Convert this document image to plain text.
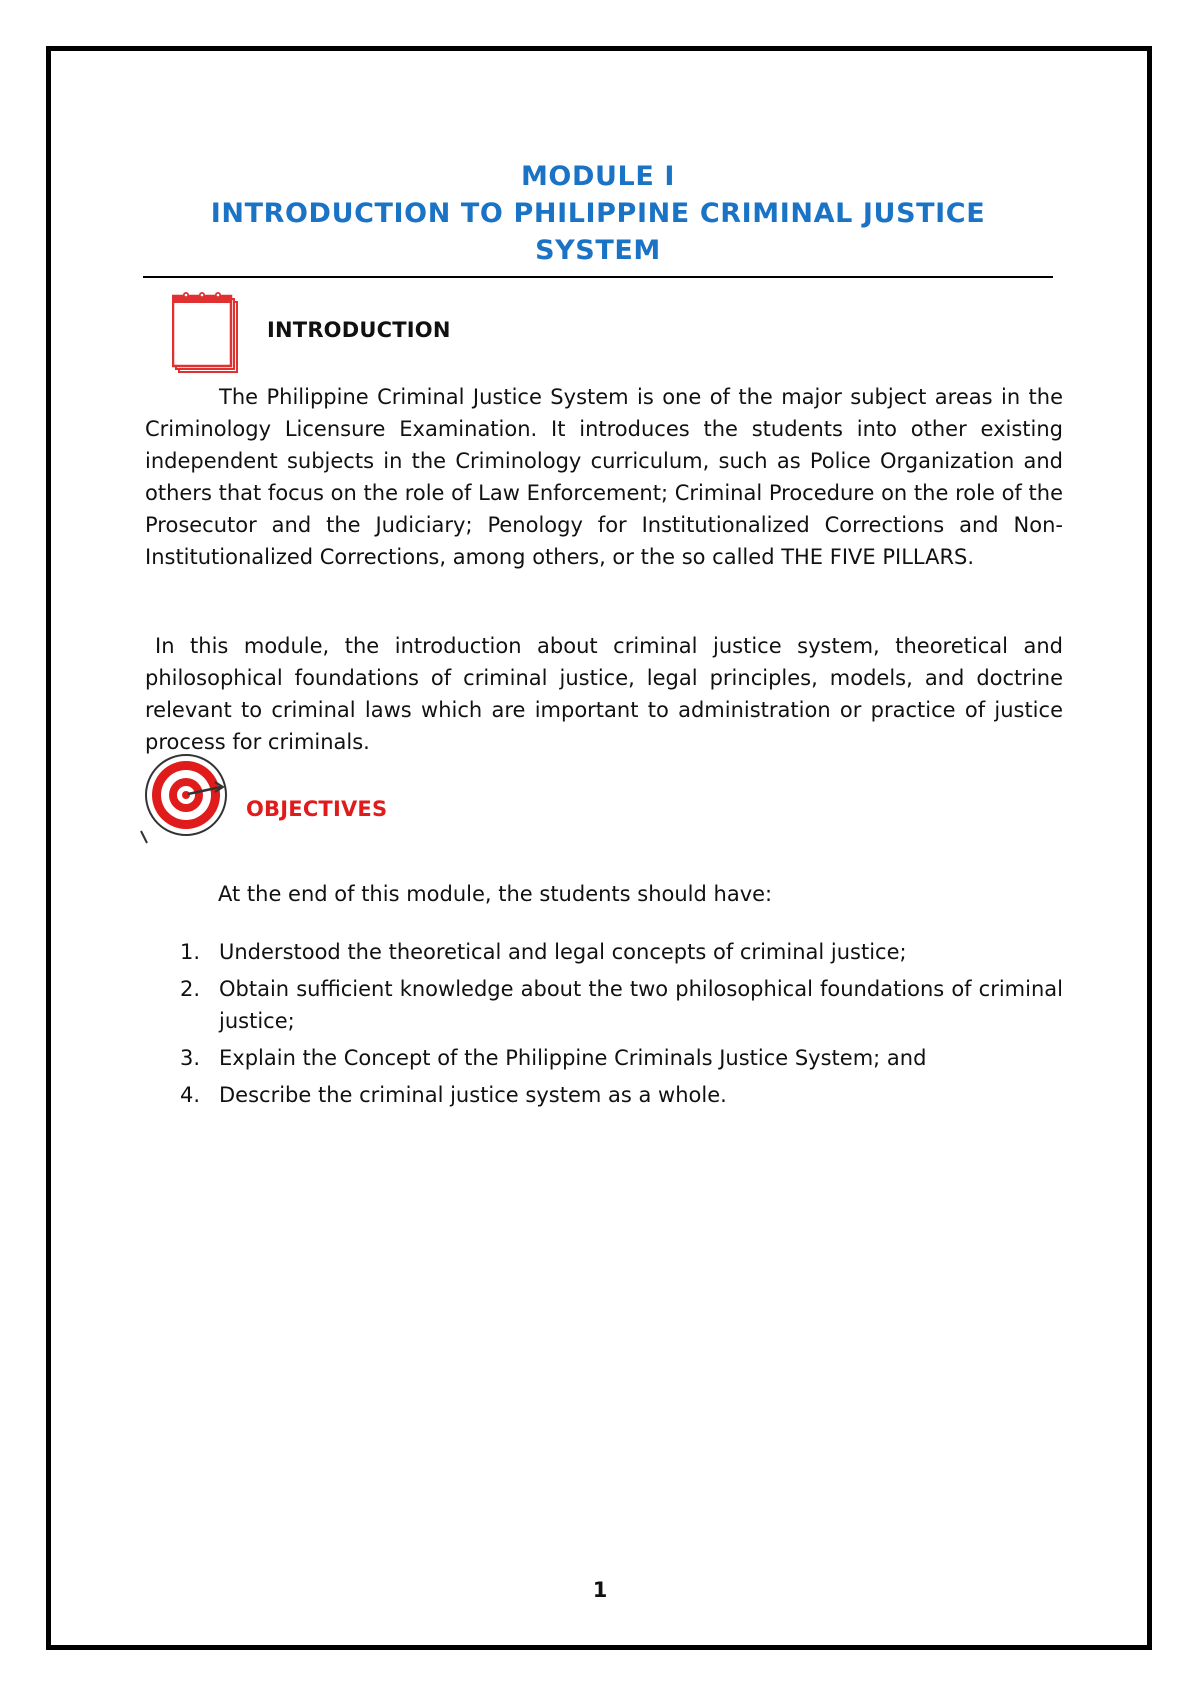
MODULE I
INTRODUCTION TO PHILIPPINE CRIMINAL JUSTICE
SYSTEM
INTRODUCTION

The Philippine Criminal Justice System is one of the major subject areas in the Criminology Licensure Examination. It introduces the students into other existing independent subjects in the Criminology curriculum, such as Police Organization and others that focus on the role of Law Enforcement; Criminal Procedure on the role of the Prosecutor and the Judiciary; Penology for Institutionalized Corrections and Non-Institutionalized Corrections, among others, or the so called THE FIVE PILLARS.

In this module, the introduction about criminal justice system, theoretical and philosophical foundations of criminal justice, legal principles, models, and doctrine relevant to criminal laws which are important to administration or practice of justice process for criminals.

OBJECTIVES
At the end of this module, the students should have:
1. Understood the theoretical and legal concepts of criminal justice;
2. Obtain sufficient knowledge about the two philosophical foundations of criminal justice;
3. Explain the Concept of the Philippine Criminals Justice System; and
4. Describe the criminal justice system as a whole.
1
